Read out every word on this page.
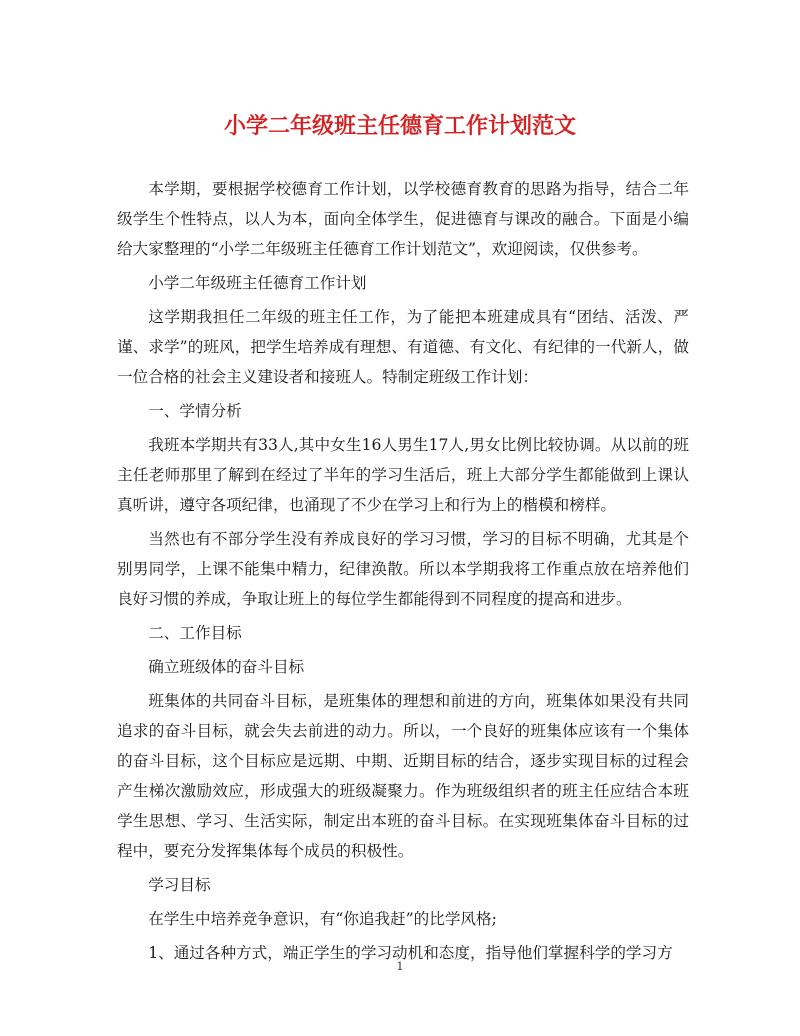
小学二年级班主任德育工作计划范文

本学期，要根据学校德育工作计划，以学校德育教育的思路为指导，结合二年级学生个性特点，以人为本，面向全体学生，促进德育与课改的融合。下面是小编给大家整理的“小学二年级班主任德育工作计划范文”，欢迎阅读，仅供参考。

小学二年级班主任德育工作计划

这学期我担任二年级的班主任工作，为了能把本班建成具有“团结、活泼、严谨、求学”的班风，把学生培养成有理想、有道德、有文化、有纪律的一代新人，做一位合格的社会主义建设者和接班人。特制定班级工作计划：

一、学情分析

我班本学期共有33人,其中女生16人男生17人,男女比例比较协调。从以前的班主任老师那里了解到在经过了半年的学习生活后，班上大部分学生都能做到上课认真听讲，遵守各项纪律，也涌现了不少在学习上和行为上的楷模和榜样。

当然也有不部分学生没有养成良好的学习习惯，学习的目标不明确，尤其是个别男同学，上课不能集中精力，纪律涣散。所以本学期我将工作重点放在培养他们良好习惯的养成，争取让班上的每位学生都能得到不同程度的提高和进步。

二、工作目标

确立班级体的奋斗目标

班集体的共同奋斗目标，是班集体的理想和前进的方向，班集体如果没有共同追求的奋斗目标，就会失去前进的动力。所以，一个良好的班集体应该有一个集体的奋斗目标，这个目标应是远期、中期、近期目标的结合，逐步实现目标的过程会产生梯次激励效应，形成强大的班级凝聚力。作为班级组织者的班主任应结合本班学生思想、学习、生活实际，制定出本班的奋斗目标。在实现班集体奋斗目标的过程中，要充分发挥集体每个成员的积极性。

学习目标

在学生中培养竞争意识，有“你追我赶”的比学风格;

1、通过各种方式，端正学生的学习动机和态度，指导他们掌握科学的学习方

1
